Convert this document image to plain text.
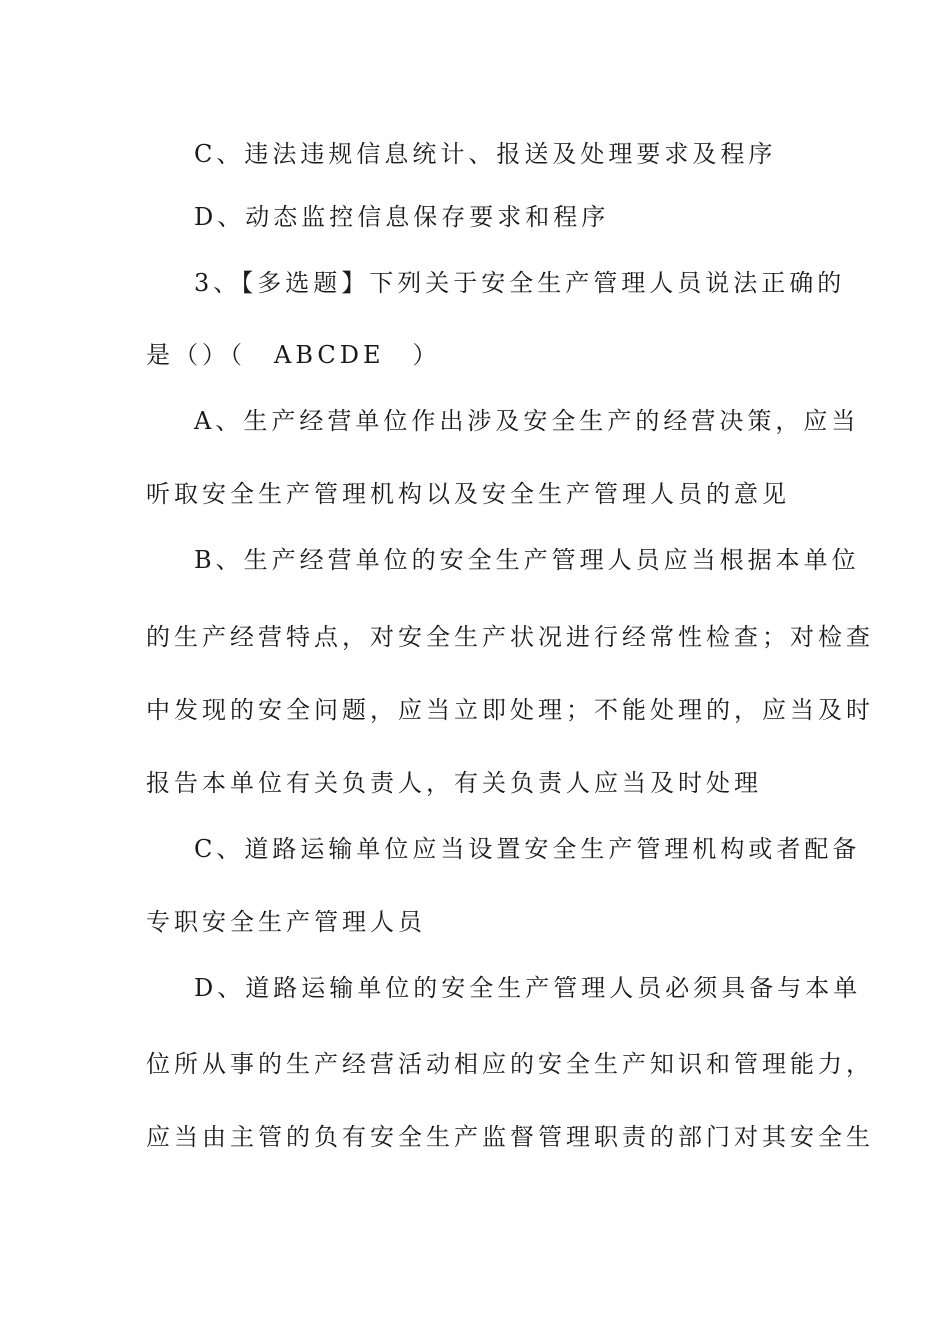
C、违法违规信息统计、报送及处理要求及程序

D、动态监控信息保存要求和程序

3、【多选题】下列关于安全生产管理人员说法正确的

是（）（　ABCDE　）

A、生产经营单位作出涉及安全生产的经营决策，应当

听取安全生产管理机构以及安全生产管理人员的意见

B、生产经营单位的安全生产管理人员应当根据本单位

的生产经营特点，对安全生产状况进行经常性检查；对检查

中发现的安全问题，应当立即处理；不能处理的，应当及时

报告本单位有关负责人，有关负责人应当及时处理

C、道路运输单位应当设置安全生产管理机构或者配备

专职安全生产管理人员

D、道路运输单位的安全生产管理人员必须具备与本单

位所从事的生产经营活动相应的安全生产知识和管理能力，

应当由主管的负有安全生产监督管理职责的部门对其安全生
